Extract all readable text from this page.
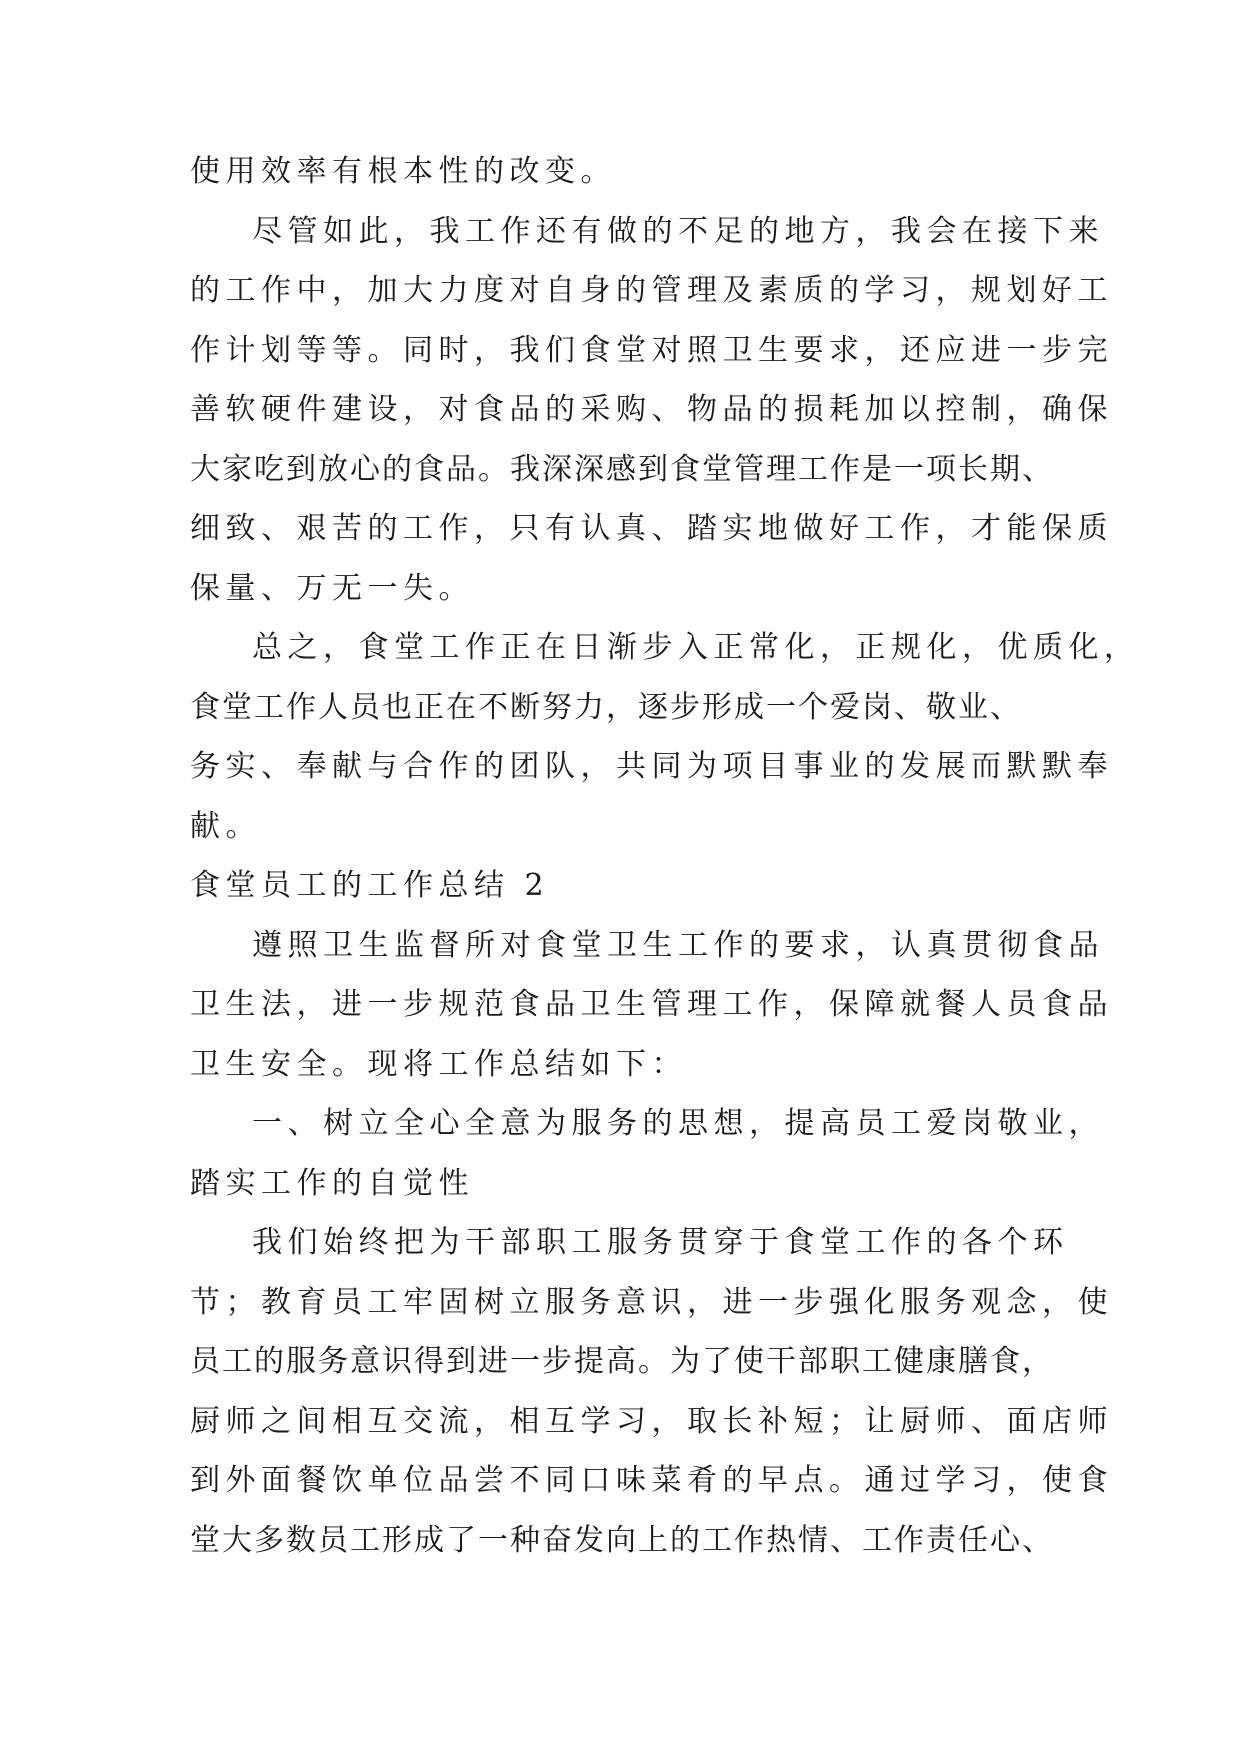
使用效率有根本性的改变。

尽管如此，我工作还有做的不足的地方，我会在接下来

的工作中，加大力度对自身的管理及素质的学习，规划好工

作计划等等。同时，我们食堂对照卫生要求，还应进一步完

善软硬件建设，对食品的采购、物品的损耗加以控制，确保

大家吃到放心的食品。我深深感到食堂管理工作是一项长期、

细致、艰苦的工作，只有认真、踏实地做好工作，才能保质

保量、万无一失。

总之，食堂工作正在日渐步入正常化，正规化，优质化，

食堂工作人员也正在不断努力，逐步形成一个爱岗、敬业、

务实、奉献与合作的团队，共同为项目事业的发展而默默奉

献。

食堂员工的工作总结 2

遵照卫生监督所对食堂卫生工作的要求，认真贯彻食品

卫生法，进一步规范食品卫生管理工作，保障就餐人员食品

卫生安全。现将工作总结如下：

一、树立全心全意为服务的思想，提高员工爱岗敬业，

踏实工作的自觉性

我们始终把为干部职工服务贯穿于食堂工作的各个环

节；教育员工牢固树立服务意识，进一步强化服务观念，使

员工的服务意识得到进一步提高。为了使干部职工健康膳食，

厨师之间相互交流，相互学习，取长补短；让厨师、面店师

到外面餐饮单位品尝不同口味菜肴的早点。通过学习，使食

堂大多数员工形成了一种奋发向上的工作热情、工作责任心、
